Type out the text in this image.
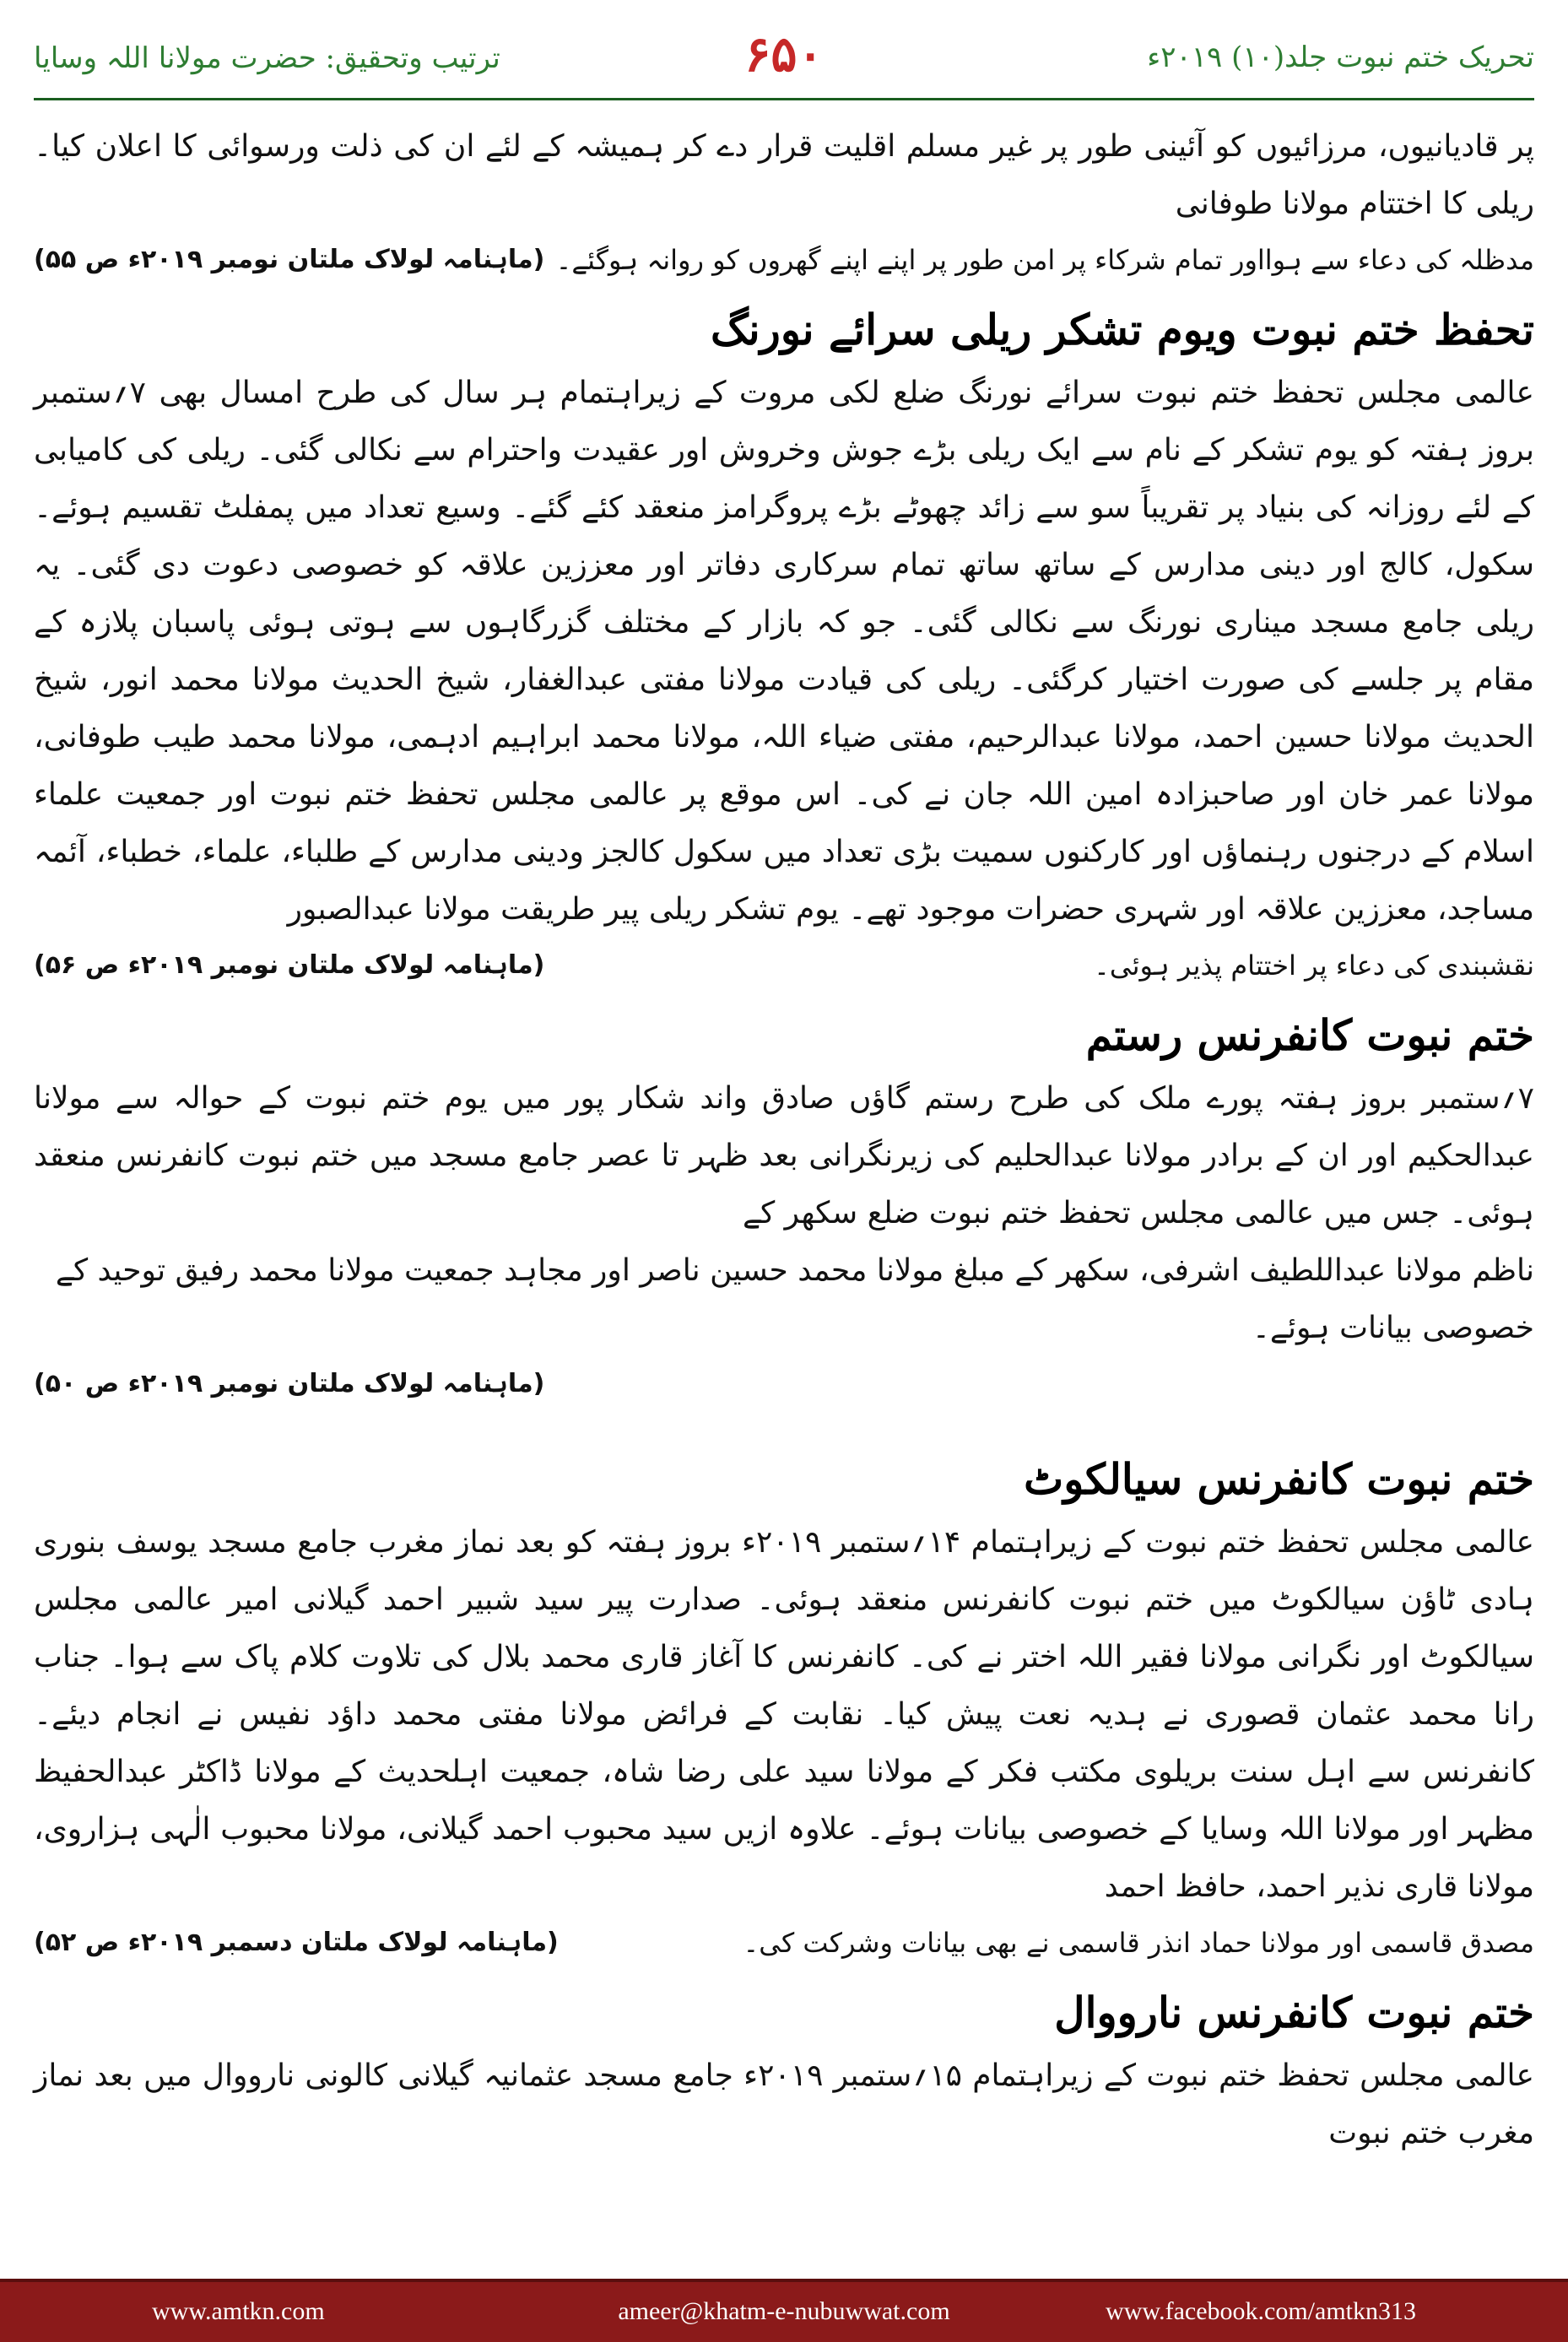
ترتیب وتحقیق: حضرت مولانا اللہ وسایا	۶۵۰	تحریک ختم نبوت جلد(۱۰) ۲۰۱۹ء

پر قادیانیوں، مرزائیوں کو آئینی طور پر غیر مسلم اقلیت قرار دے کر ہمیشہ کے لئے ان کی ذلت ورسوائی کا اعلان کیا۔ ریلی کا اختتام مولانا طوفانی

مدظلہ کی دعاء سے ہوااور تمام شرکاء پر امن طور پر اپنے اپنے گھروں کو روانہ ہوگئے۔
(ماہنامہ لولاک ملتان نومبر ۲۰۱۹ء ص ۵۵)
تحفظ ختم نبوت ویوم تشکر ریلی سرائے نورنگ

عالمی مجلس تحفظ ختم نبوت سرائے نورنگ ضلع لکی مروت کے زیراہتمام ہر سال کی طرح امسال بھی ۷؍ستمبر بروز ہفتہ کو یوم تشکر کے نام سے ایک ریلی بڑے جوش وخروش اور عقیدت واحترام سے نکالی گئی۔ ریلی کی کامیابی کے لئے روزانہ کی بنیاد پر تقریباً سو سے زائد چھوٹے بڑے پروگرامز منعقد کئے گئے۔ وسیع تعداد میں پمفلٹ تقسیم ہوئے۔ سکول، کالج اور دینی مدارس کے ساتھ ساتھ تمام سرکاری دفاتر اور معززین علاقہ کو خصوصی دعوت دی گئی۔ یہ ریلی جامع مسجد میناری نورنگ سے نکالی گئی۔ جو کہ بازار کے مختلف گزرگاہوں سے ہوتی ہوئی پاسبان پلازہ کے مقام پر جلسے کی صورت اختیار کرگئی۔ ریلی کی قیادت مولانا مفتی عبدالغفار، شیخ الحدیث مولانا محمد انور، شیخ الحدیث مولانا حسین احمد، مولانا عبدالرحیم، مفتی ضیاء اللہ، مولانا محمد ابراہیم ادہمی، مولانا محمد طیب طوفانی، مولانا عمر خان اور صاحبزادہ امین اللہ جان نے کی۔ اس موقع پر عالمی مجلس تحفظ ختم نبوت اور جمعیت علماء اسلام کے درجنوں رہنماؤں اور کارکنوں سمیت بڑی تعداد میں سکول کالجز ودینی مدارس کے طلباء، علماء، خطباء، آئمہ مساجد، معززین علاقہ اور شہری حضرات موجود تھے۔ یوم تشکر ریلی پیر طریقت مولانا عبدالصبور

نقشبندی کی دعاء پر اختتام پذیر ہوئی۔
(ماہنامہ لولاک ملتان نومبر ۲۰۱۹ء ص ۵۶)
ختم نبوت کانفرنس رستم

۷؍ستمبر بروز ہفتہ پورے ملک کی طرح رستم گاؤں صادق واند شکار پور میں یوم ختم نبوت کے حوالہ سے مولانا عبدالحکیم اور ان کے برادر مولانا عبدالحلیم کی زیرنگرانی بعد ظہر تا عصر جامع مسجد میں ختم نبوت کانفرنس منعقد ہوئی۔ جس میں عالمی مجلس تحفظ ختم نبوت ضلع سکھر کے

ناظم مولانا عبداللطیف اشرفی، سکھر کے مبلغ مولانا محمد حسین ناصر اور مجاہد جمعیت مولانا محمد رفیق توحید کے خصوصی بیانات ہوئے۔

(ماہنامہ لولاک ملتان نومبر ۲۰۱۹ء ص ۵۰)
ختم نبوت کانفرنس سیالکوٹ

عالمی مجلس تحفظ ختم نبوت کے زیراہتمام ۱۴؍ستمبر ۲۰۱۹ء بروز ہفتہ کو بعد نماز مغرب جامع مسجد یوسف بنوری ہادی ٹاؤن سیالکوٹ میں ختم نبوت کانفرنس منعقد ہوئی۔ صدارت پیر سید شبیر احمد گیلانی امیر عالمی مجلس سیالکوٹ اور نگرانی مولانا فقیر اللہ اختر نے کی۔ کانفرنس کا آغاز قاری محمد بلال کی تلاوت کلام پاک سے ہوا۔ جناب رانا محمد عثمان قصوری نے ہدیہ نعت پیش کیا۔ نقابت کے فرائض مولانا مفتی محمد داؤد نفیس نے انجام دیئے۔ کانفرنس سے اہل سنت بریلوی مکتب فکر کے مولانا سید علی رضا شاہ، جمعیت اہلحدیث کے مولانا ڈاکٹر عبدالحفیظ مظہر اور مولانا اللہ وسایا کے خصوصی بیانات ہوئے۔ علاوہ ازیں سید محبوب احمد گیلانی، مولانا محبوب الٰہی ہزاروی، مولانا قاری نذیر احمد، حافظ احمد

مصدق قاسمی اور مولانا حماد انذر قاسمی نے بھی بیانات وشرکت کی۔
(ماہنامہ لولاک ملتان دسمبر ۲۰۱۹ء ص ۵۲)
ختم نبوت کانفرنس نارووال

عالمی مجلس تحفظ ختم نبوت کے زیراہتمام ۱۵؍ستمبر ۲۰۱۹ء جامع مسجد عثمانیہ گیلانی کالونی نارووال میں بعد نماز مغرب ختم نبوت

www.amtkn.com	ameer@khatm-e-nubuwwat.com	www.facebook.com/amtkn313
